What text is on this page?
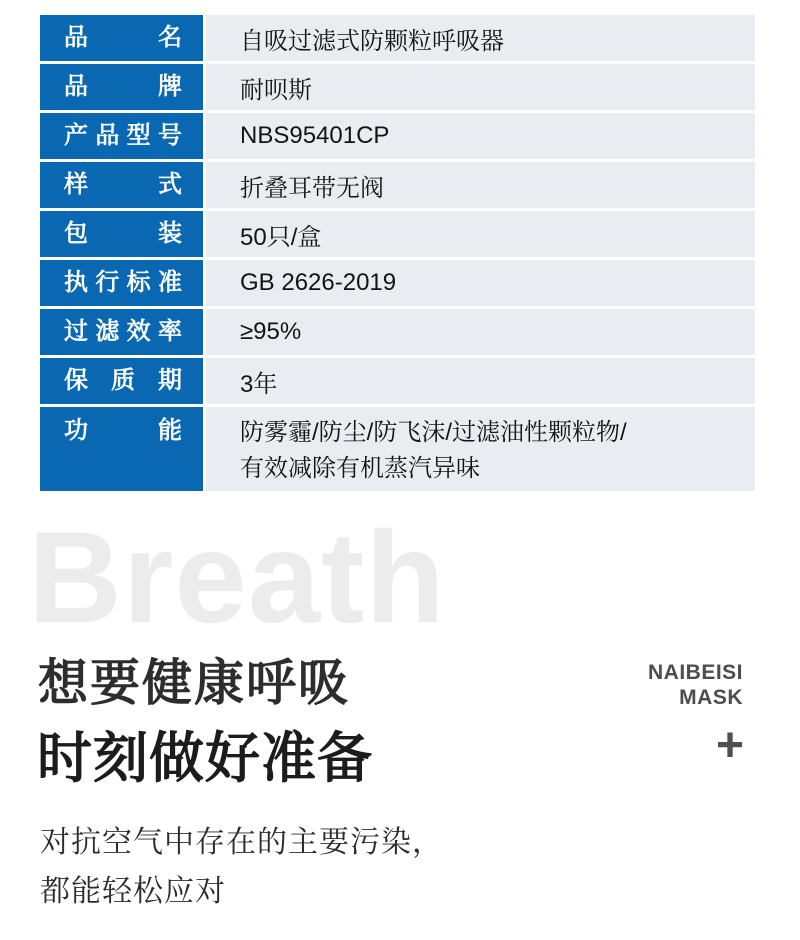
品名	自吸过滤式防颗粒呼吸器
品牌	耐呗斯
产品型号	NBS95401CP
样式	折叠耳带无阀
包装	50只/盒
执行标准	GB 2626-2019
过滤效率	≥95%
保质期	3年
功能	防雾霾/防尘/防飞沫/过滤油性颗粒物/
有效减除有机蒸汽异味
Breath
想要健康呼吸
时刻做好准备
NAIBEISI
MASK
+
对抗空气中存在的主要污染，
都能轻松应对
